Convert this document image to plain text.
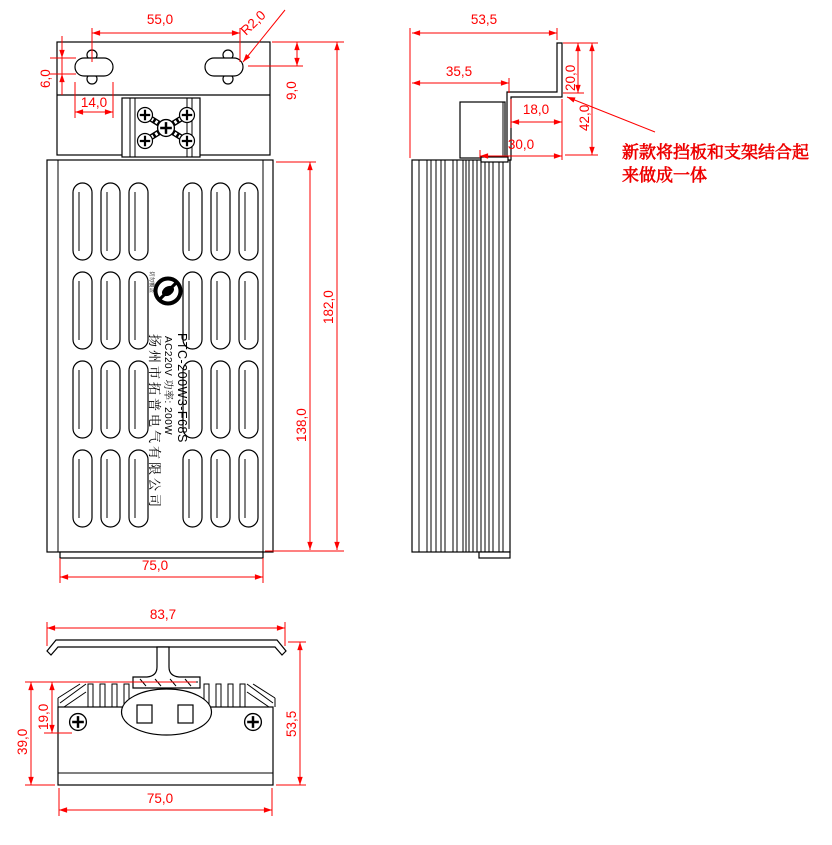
切勿覆盖
PTC-200W3-F68S
AC220V 功率: 200W
扬州市拓普电气有限公司
55,0	R2,0
6,0
14,0
9,0
138,0
182,0
75,0
53,5
35,5
18,0
30,0
20,0
42,0
新款将挡板和支架结合起
来做成一体
83,7
53,5
39,0
19,0
75,0
